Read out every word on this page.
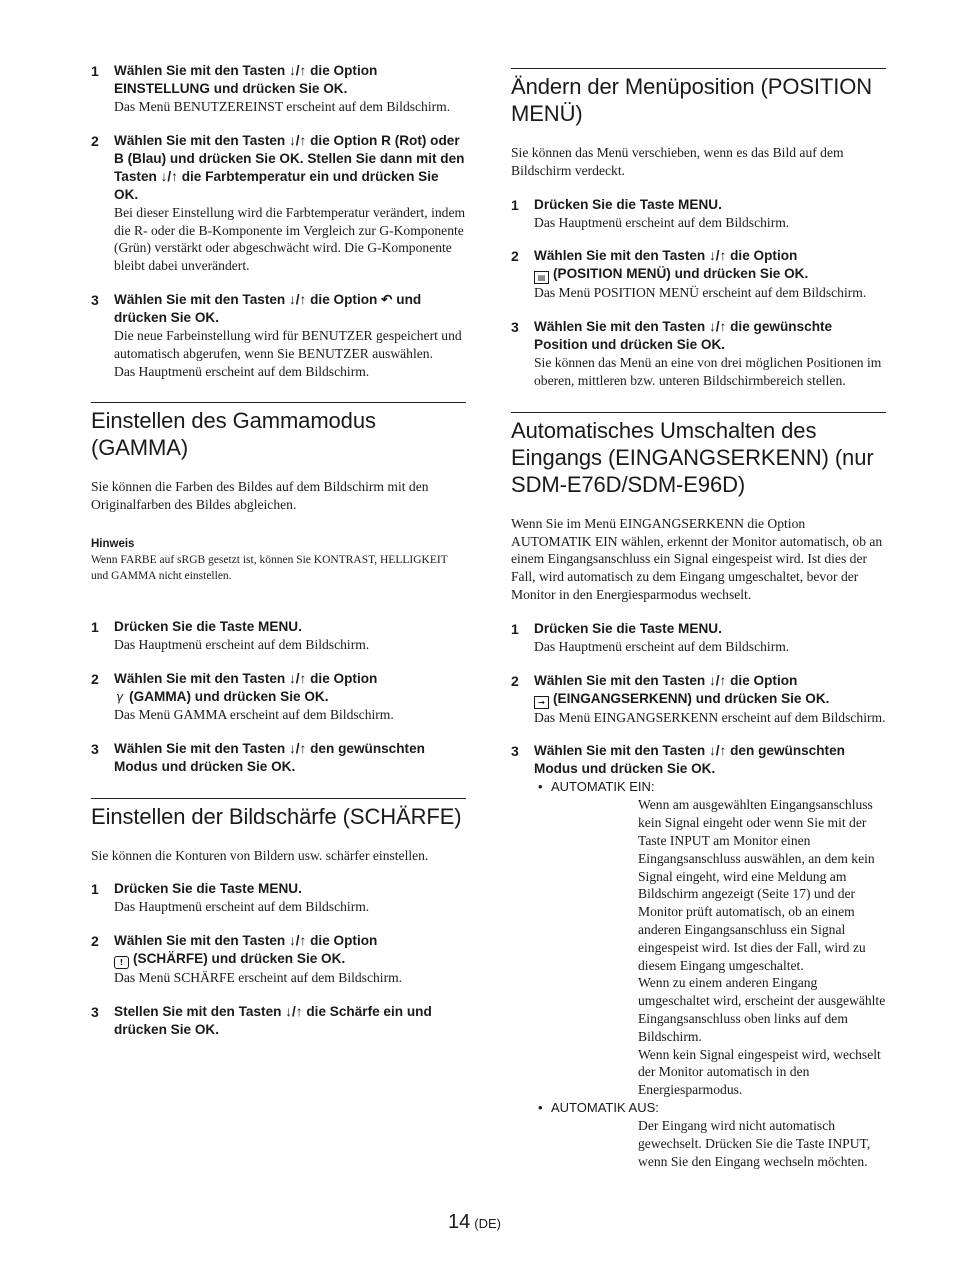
1 Wählen Sie mit den Tasten ↓/↑ die Option EINSTELLUNG und drücken Sie OK.
Das Menü BENUTZEREINST erscheint auf dem Bildschirm.
2 Wählen Sie mit den Tasten ↓/↑ die Option R (Rot) oder B (Blau) und drücken Sie OK. Stellen Sie dann mit den Tasten ↓/↑ die Farbtemperatur ein und drücken Sie OK.
Bei dieser Einstellung wird die Farbtemperatur verändert, indem die R- oder die B-Komponente im Vergleich zur G-Komponente (Grün) verstärkt oder abgeschwächt wird. Die G-Komponente bleibt dabei unverändert.
3 Wählen Sie mit den Tasten ↓/↑ die Option ↶ und drücken Sie OK.
Die neue Farbeinstellung wird für BENUTZER gespeichert und automatisch abgerufen, wenn Sie BENUTZER auswählen.
Das Hauptmenü erscheint auf dem Bildschirm.
Einstellen des Gammamodus (GAMMA)
Sie können die Farben des Bildes auf dem Bildschirm mit den Originalfarben des Bildes abgleichen.
Hinweis
Wenn FARBE auf sRGB gesetzt ist, können Sie KONTRAST, HELLIGKEIT und GAMMA nicht einstellen.
1 Drücken Sie die Taste MENU.
Das Hauptmenü erscheint auf dem Bildschirm.
2 Wählen Sie mit den Tasten ↓/↑ die Option
γ (GAMMA) und drücken Sie OK.
Das Menü GAMMA erscheint auf dem Bildschirm.
3 Wählen Sie mit den Tasten ↓/↑ den gewünschten Modus und drücken Sie OK.
Einstellen der Bildschärfe (SCHÄRFE)
Sie können die Konturen von Bildern usw. schärfer einstellen.
1 Drücken Sie die Taste MENU.
Das Hauptmenü erscheint auf dem Bildschirm.
2 Wählen Sie mit den Tasten ↓/↑ die Option
! (SCHÄRFE) und drücken Sie OK.
Das Menü SCHÄRFE erscheint auf dem Bildschirm.
3 Stellen Sie mit den Tasten ↓/↑ die Schärfe ein und drücken Sie OK.
Ändern der Menüposition (POSITION MENÜ)
Sie können das Menü verschieben, wenn es das Bild auf dem Bildschirm verdeckt.
1 Drücken Sie die Taste MENU.
Das Hauptmenü erscheint auf dem Bildschirm.
2 Wählen Sie mit den Tasten ↓/↑ die Option
▤ (POSITION MENÜ) und drücken Sie OK.
Das Menü POSITION MENÜ erscheint auf dem Bildschirm.
3 Wählen Sie mit den Tasten ↓/↑ die gewünschte Position und drücken Sie OK.
Sie können das Menü an eine von drei möglichen Positionen im oberen, mittleren bzw. unteren Bildschirmbereich stellen.
Automatisches Umschalten des Eingangs (EINGANGSERKENN) (nur SDM-E76D/SDM-E96D)
Wenn Sie im Menü EINGANGSERKENN die Option AUTOMATIK EIN wählen, erkennt der Monitor automatisch, ob an einem Eingangsanschluss ein Signal eingespeist wird. Ist dies der Fall, wird automatisch zu dem Eingang umgeschaltet, bevor der Monitor in den Energiesparmodus wechselt.
1 Drücken Sie die Taste MENU.
Das Hauptmenü erscheint auf dem Bildschirm.
2 Wählen Sie mit den Tasten ↓/↑ die Option
→ (EINGANGSERKENN) und drücken Sie OK.
Das Menü EINGANGSERKENN erscheint auf dem Bildschirm.
3 Wählen Sie mit den Tasten ↓/↑ den gewünschten Modus und drücken Sie OK.
• AUTOMATIK EIN:
Wenn am ausgewählten Eingangsanschluss kein Signal eingeht oder wenn Sie mit der Taste INPUT am Monitor einen Eingangsanschluss auswählen, an dem kein Signal eingeht, wird eine Meldung am Bildschirm angezeigt (Seite 17) und der Monitor prüft automatisch, ob an einem anderen Eingangsanschluss ein Signal eingespeist wird. Ist dies der Fall, wird zu diesem Eingang umgeschaltet.
Wenn zu einem anderen Eingang umgeschaltet wird, erscheint der ausgewählte Eingangsanschluss oben links auf dem Bildschirm.
Wenn kein Signal eingespeist wird, wechselt der Monitor automatisch in den Energiesparmodus.
• AUTOMATIK AUS:
Der Eingang wird nicht automatisch gewechselt. Drücken Sie die Taste INPUT, wenn Sie den Eingang wechseln möchten.
14 (DE)
